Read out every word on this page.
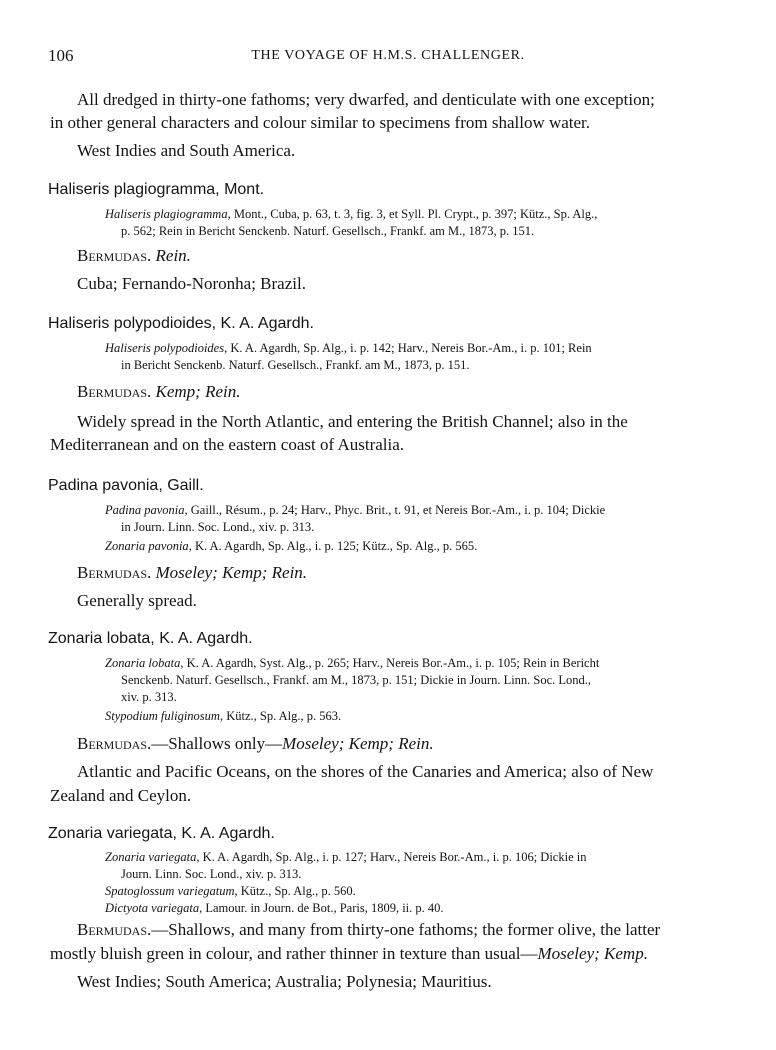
106	THE VOYAGE OF H.M.S. CHALLENGER.
All dredged in thirty-one fathoms; very dwarfed, and denticulate with one exception;
in other general characters and colour similar to specimens from shallow water.
West Indies and South America.
Haliseris plagiogramma, Mont.
Haliseris plagiogramma, Mont., Cuba, p. 63, t. 3, fig. 3, et Syll. Pl. Crypt., p. 397; Kütz., Sp. Alg.,
p. 562; Rein in Bericht Senckenb. Naturf. Gesellsch., Frankf. am M., 1873, p. 151.
Bermudas. Rein.
Cuba; Fernando-Noronha; Brazil.
Haliseris polypodioides, K. A. Agardh.
Haliseris polypodioides, K. A. Agardh, Sp. Alg., i. p. 142; Harv., Nereis Bor.-Am., i. p. 101; Rein
in Bericht Senckenb. Naturf. Gesellsch., Frankf. am M., 1873, p. 151.
Bermudas. Kemp; Rein.
Widely spread in the North Atlantic, and entering the British Channel; also in the
Mediterranean and on the eastern coast of Australia.
Padina pavonia, Gaill.
Padina pavonia, Gaill., Résum., p. 24; Harv., Phyc. Brit., t. 91, et Nereis Bor.-Am., i. p. 104; Dickie
in Journ. Linn. Soc. Lond., xiv. p. 313.
Zonaria pavonia, K. A. Agardh, Sp. Alg., i. p. 125; Kütz., Sp. Alg., p. 565.
Bermudas. Moseley; Kemp; Rein.
Generally spread.
Zonaria lobata, K. A. Agardh.
Zonaria lobata, K. A. Agardh, Syst. Alg., p. 265; Harv., Nereis Bor.-Am., i. p. 105; Rein in Bericht
Senckenb. Naturf. Gesellsch., Frankf. am M., 1873, p. 151; Dickie in Journ. Linn. Soc. Lond.,
xiv. p. 313.
Stypodium fuliginosum, Kütz., Sp. Alg., p. 563.
Bermudas.—Shallows only—Moseley; Kemp; Rein.
Atlantic and Pacific Oceans, on the shores of the Canaries and America; also of New
Zealand and Ceylon.
Zonaria variegata, K. A. Agardh.
Zonaria variegata, K. A. Agardh, Sp. Alg., i. p. 127; Harv., Nereis Bor.-Am., i. p. 106; Dickie in
Journ. Linn. Soc. Lond., xiv. p. 313.
Spatoglossum variegatum, Kütz., Sp. Alg., p. 560.
Dictyota variegata, Lamour. in Journ. de Bot., Paris, 1809, ii. p. 40.
Bermudas.—Shallows, and many from thirty-one fathoms; the former olive, the latter
mostly bluish green in colour, and rather thinner in texture than usual—Moseley; Kemp.
West Indies; South America; Australia; Polynesia; Mauritius.
